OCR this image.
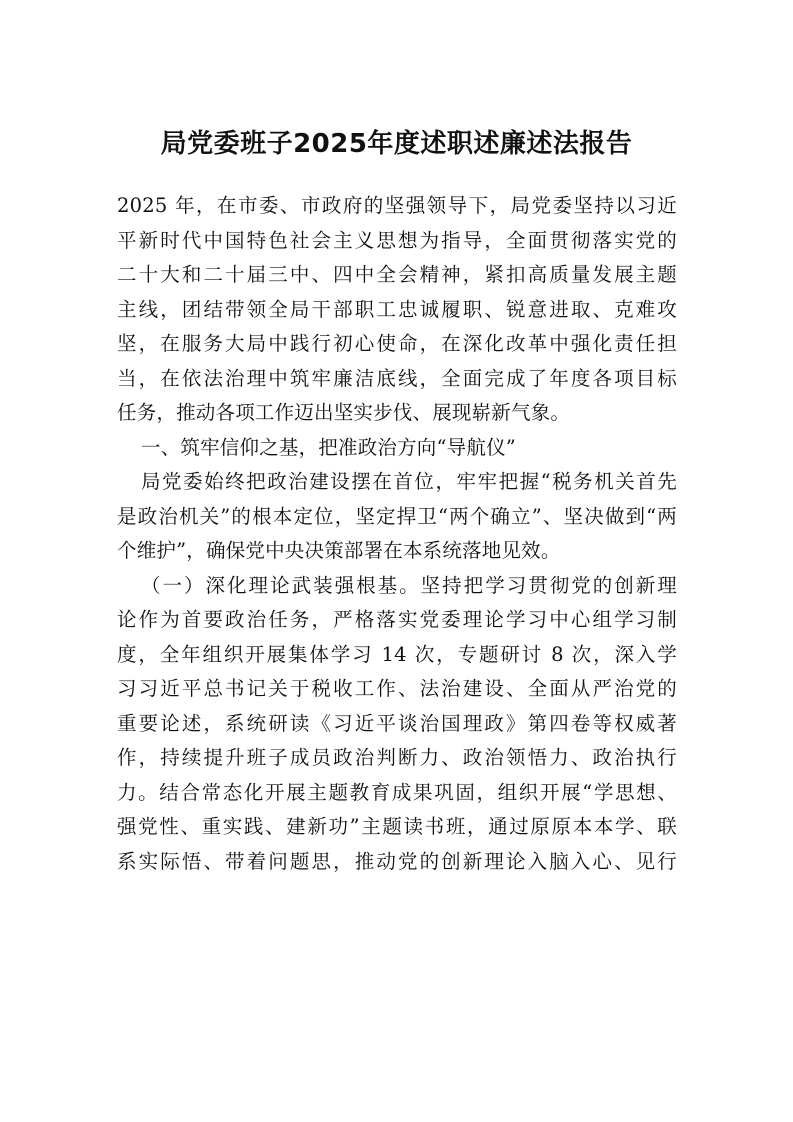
局党委班子2025年度述职述廉述法报告
2025 年，在市委、市政府的坚强领导下，局党委坚持以习近
平新时代中国特色社会主义思想为指导，全面贯彻落实党的
二十大和二十届三中、四中全会精神，紧扣高质量发展主题
主线，团结带领全局干部职工忠诚履职、锐意进取、克难攻
坚，在服务大局中践行初心使命，在深化改革中强化责任担
当，在依法治理中筑牢廉洁底线，全面完成了年度各项目标
任务，推动各项工作迈出坚实步伐、展现崭新气象。
一、筑牢信仰之基，把准政治方向“导航仪”
局党委始终把政治建设摆在首位，牢牢把握“税务机关首先
是政治机关”的根本定位，坚定捍卫“两个确立”、坚决做到“两
个维护”，确保党中央决策部署在本系统落地见效。
（一）深化理论武装强根基。坚持把学习贯彻党的创新理
论作为首要政治任务，严格落实党委理论学习中心组学习制
度，全年组织开展集体学习 14 次，专题研讨 8 次，深入学
习习近平总书记关于税收工作、法治建设、全面从严治党的
重要论述，系统研读《习近平谈治国理政》第四卷等权威著
作，持续提升班子成员政治判断力、政治领悟力、政治执行
力。结合常态化开展主题教育成果巩固，组织开展“学思想、
强党性、重实践、建新功”主题读书班，通过原原本本学、联
系实际悟、带着问题思，推动党的创新理论入脑入心、见行
